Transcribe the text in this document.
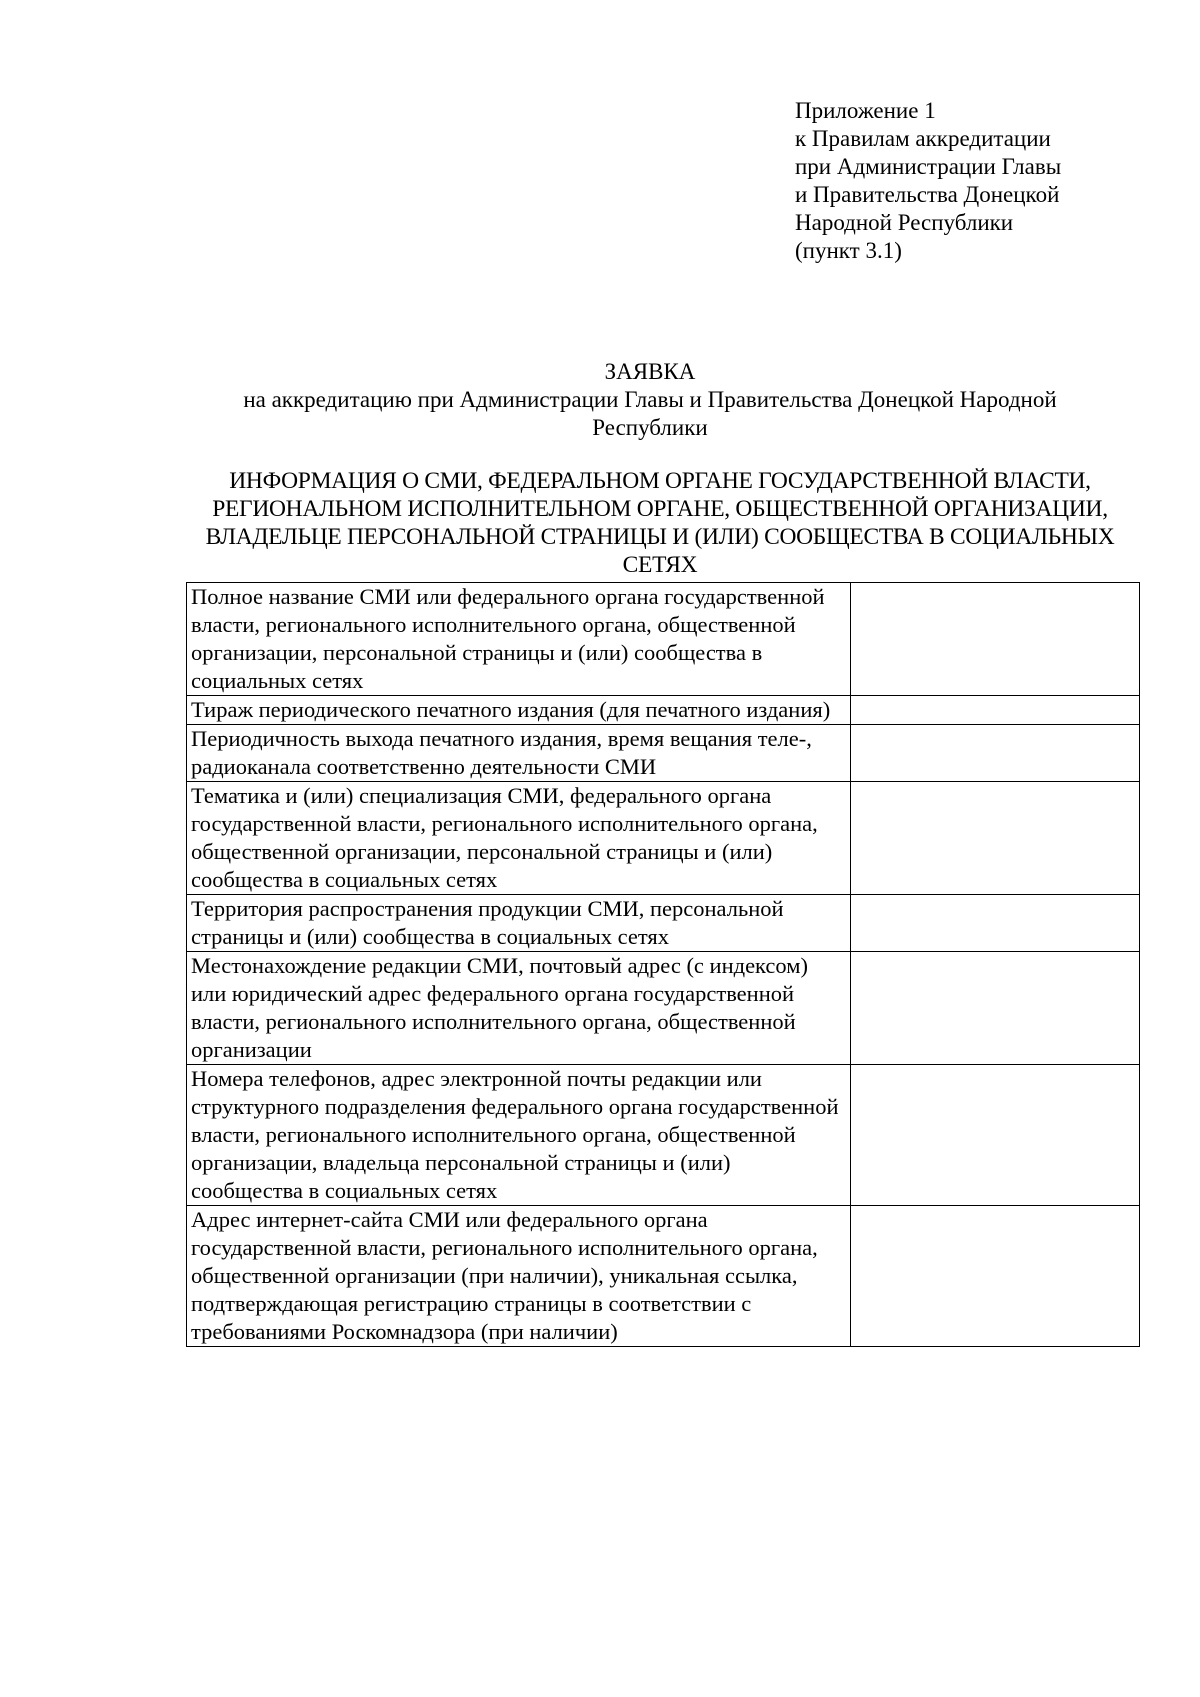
Приложение 1
к Правилам аккредитации
при Администрации Главы
и Правительства Донецкой
Народной Республики
(пункт 3.1)
ЗАЯВКА
на аккредитацию при Администрации Главы и Правительства Донецкой Народной Республики
ИНФОРМАЦИЯ О СМИ, ФЕДЕРАЛЬНОМ ОРГАНЕ ГОСУДАРСТВЕННОЙ ВЛАСТИ, РЕГИОНАЛЬНОМ ИСПОЛНИТЕЛЬНОМ ОРГАНЕ, ОБЩЕСТВЕННОЙ ОРГАНИЗАЦИИ, ВЛАДЕЛЬЦЕ ПЕРСОНАЛЬНОЙ СТРАНИЦЫ И (ИЛИ) СООБЩЕСТВА В СОЦИАЛЬНЫХ СЕТЯХ
Полное название СМИ или федерального органа государственной власти, регионального исполнительного органа, общественной организации, персональной страницы и (или) сообщества в социальных сетях	
Тираж периодического печатного издания (для печатного издания)	
Периодичность выхода печатного издания, время вещания теле-, радиоканала соответственно деятельности СМИ	
Тематика и (или) специализация СМИ, федерального органа государственной власти, регионального исполнительного органа, общественной организации, персональной страницы и (или) сообщества в социальных сетях	
Территория распространения продукции СМИ, персональной страницы и (или) сообщества в социальных сетях	
Местонахождение редакции СМИ, почтовый адрес (с индексом) или юридический адрес федерального органа государственной власти, регионального исполнительного органа, общественной организации	
Номера телефонов, адрес электронной почты редакции или структурного подразделения федерального органа государственной власти, регионального исполнительного органа, общественной организации, владельца персональной страницы и (или) сообщества в социальных сетях	
Адрес интернет-сайта СМИ или федерального органа государственной власти, регионального исполнительного органа, общественной организации (при наличии), уникальная ссылка, подтверждающая регистрацию страницы в соответствии с требованиями Роскомнадзора (при наличии)	
